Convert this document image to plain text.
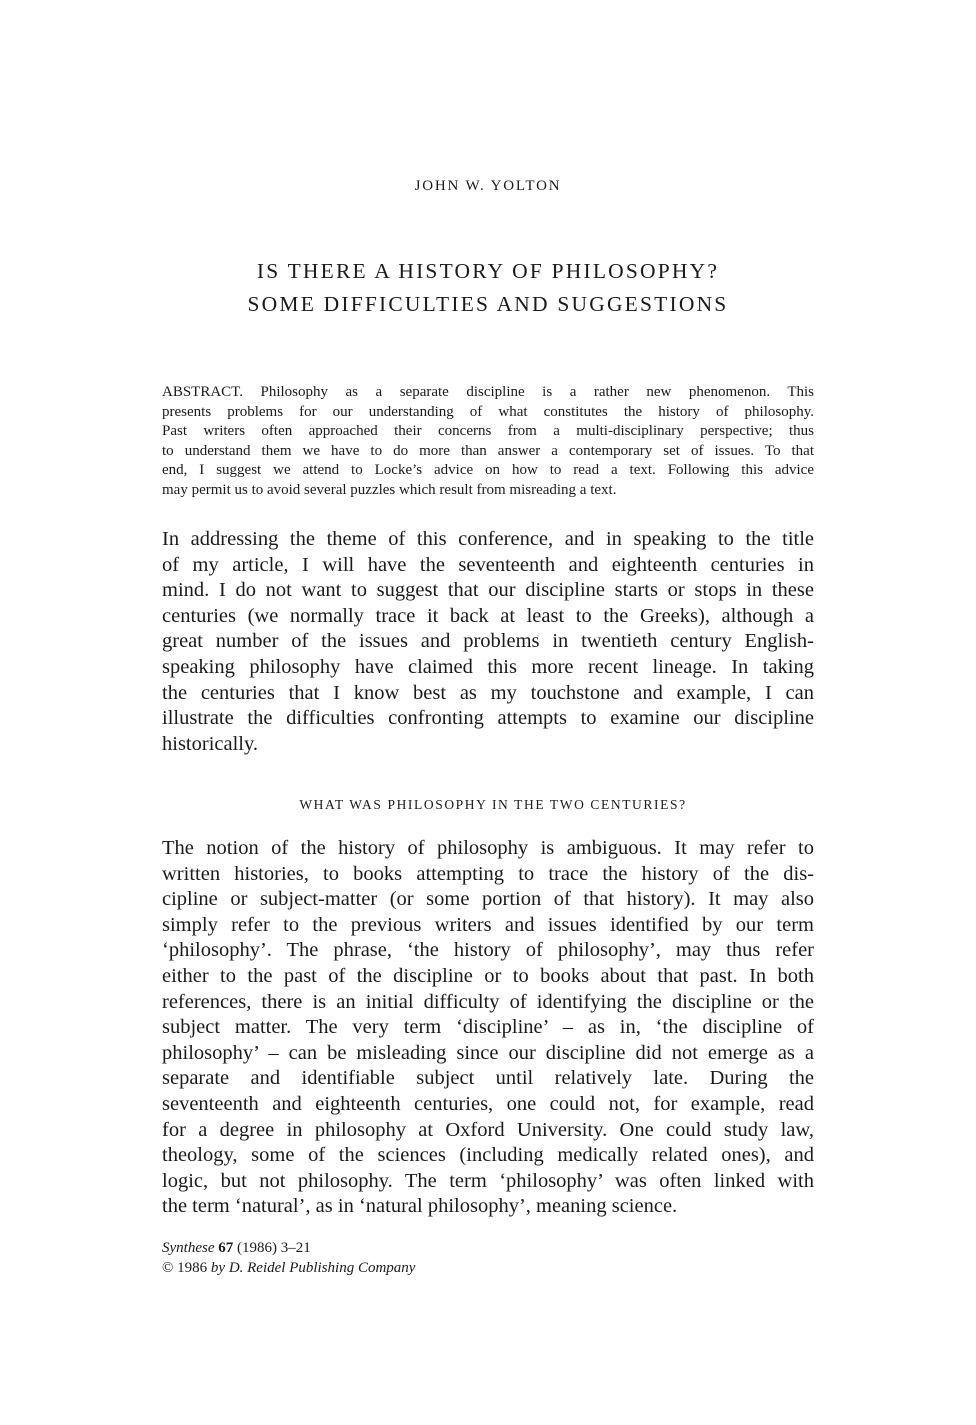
JOHN W. YOLTON
IS THERE A HISTORY OF PHILOSOPHY?
SOME DIFFICULTIES AND SUGGESTIONS
ABSTRACT. Philosophy as a separate discipline is a rather new phenomenon. This
presents problems for our understanding of what constitutes the history of philosophy.
Past writers often approached their concerns from a multi-disciplinary perspective; thus
to understand them we have to do more than answer a contemporary set of issues. To that
end, I suggest we attend to Locke’s advice on how to read a text. Following this advice
may permit us to avoid several puzzles which result from misreading a text.
In addressing the theme of this conference, and in speaking to the title
of my article, I will have the seventeenth and eighteenth centuries in
mind. I do not want to suggest that our discipline starts or stops in these
centuries (we normally trace it back at least to the Greeks), although a
great number of the issues and problems in twentieth century English-
speaking philosophy have claimed this more recent lineage. In taking
the centuries that I know best as my touchstone and example, I can
illustrate the difficulties confronting attempts to examine our discipline
historically.
WHAT WAS PHILOSOPHY IN THE TWO CENTURIES?
The notion of the history of philosophy is ambiguous. It may refer to
written histories, to books attempting to trace the history of the dis-
cipline or subject-matter (or some portion of that history). It may also
simply refer to the previous writers and issues identified by our term
‘philosophy’. The phrase, ‘the history of philosophy’, may thus refer
either to the past of the discipline or to books about that past. In both
references, there is an initial difficulty of identifying the discipline or the
subject matter. The very term ‘discipline’ – as in, ‘the discipline of
philosophy’ – can be misleading since our discipline did not emerge as a
separate and identifiable subject until relatively late. During the
seventeenth and eighteenth centuries, one could not, for example, read
for a degree in philosophy at Oxford University. One could study law,
theology, some of the sciences (including medically related ones), and
logic, but not philosophy. The term ‘philosophy’ was often linked with
the term ‘natural’, as in ‘natural philosophy’, meaning science.
Synthese 67 (1986) 3–21
© 1986 by D. Reidel Publishing Company
